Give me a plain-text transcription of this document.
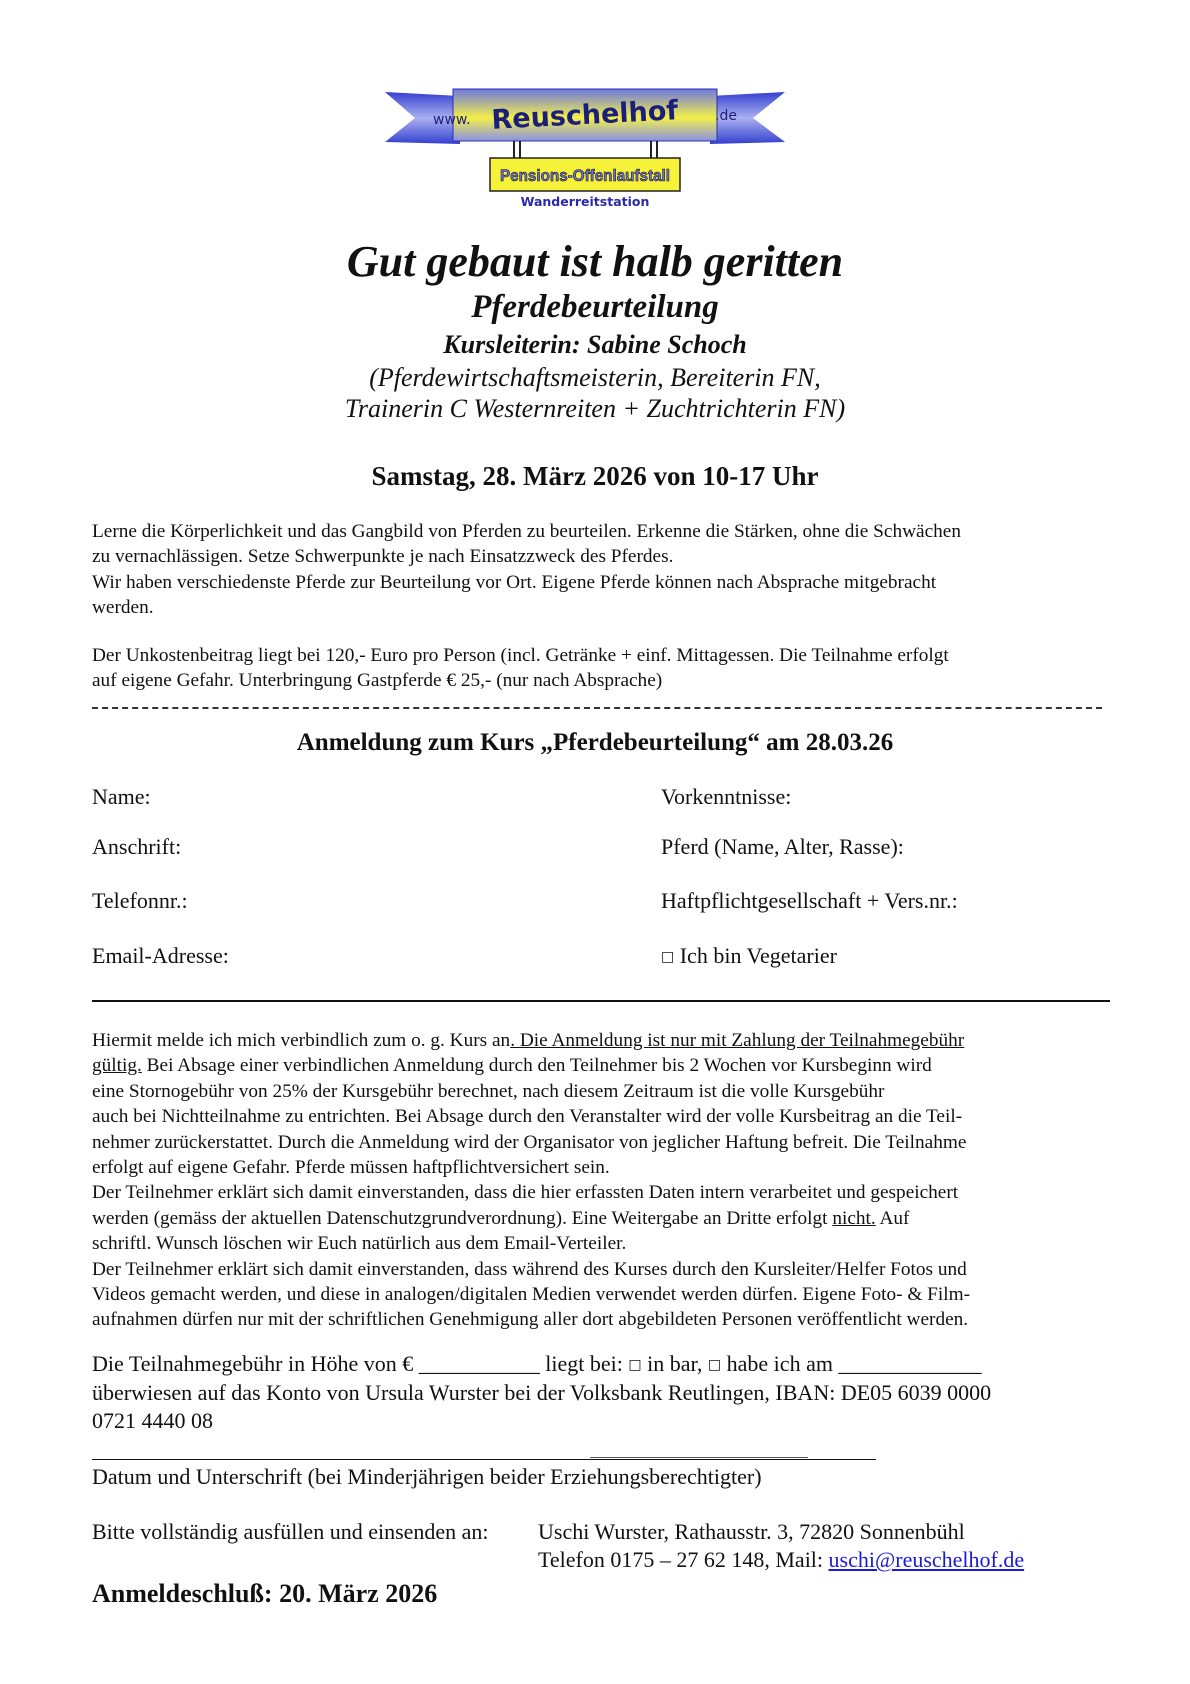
www. Reuschelhof	.de
Pensions-Offenlaufstall
Wanderreitstation
Gut gebaut ist halb geritten
Pferdebeurteilung
Kursleiterin: Sabine Schoch
(Pferdewirtschaftsmeisterin, Bereiterin FN,
Trainerin C Westernreiten + Zuchtrichterin FN)
Samstag, 28. März 2026 von 10-17 Uhr
Lerne die Körperlichkeit und das Gangbild von Pferden zu beurteilen. Erkenne die Stärken, ohne die Schwächen
zu vernachlässigen. Setze Schwerpunkte je nach Einsatzzweck des Pferdes.
Wir haben verschiedenste Pferde zur Beurteilung vor Ort. Eigene Pferde können nach Absprache mitgebracht
werden.
Der Unkostenbeitrag liegt bei 120,- Euro pro Person (incl. Getränke + einf. Mittagessen. Die Teilnahme erfolgt
auf eigene Gefahr. Unterbringung Gastpferde € 25,- (nur nach Absprache)
Anmeldung zum Kurs „Pferdebeurteilung“ am 28.03.26
Name:
Anschrift:
Telefonnr.:
Email-Adresse:
Vorkenntnisse:
Pferd (Name, Alter, Rasse):
Haftpflichtgesellschaft + Vers.nr.:
□ Ich bin Vegetarier

Hiermit melde ich mich verbindlich zum o. g. Kurs an. Die Anmeldung ist nur mit Zahlung der Teilnahmegebühr

gültig. Bei Absage einer verbindlichen Anmeldung durch den Teilnehmer bis 2 Wochen vor Kursbeginn wird

eine Stornogebühr von 25% der Kursgebühr berechnet, nach diesem Zeitraum ist die volle Kursgebühr

auch bei Nichtteilnahme zu entrichten. Bei Absage durch den Veranstalter wird der volle Kursbeitrag an die Teil-

nehmer zurückerstattet. Durch die Anmeldung wird der Organisator von jeglicher Haftung befreit. Die Teilnahme

erfolgt auf eigene Gefahr. Pferde müssen haftpflichtversichert sein.

Der Teilnehmer erklärt sich damit einverstanden, dass die hier erfassten Daten intern verarbeitet und gespeichert

werden (gemäss der aktuellen Datenschutzgrundverordnung). Eine Weitergabe an Dritte erfolgt nicht. Auf

schriftl. Wunsch löschen wir Euch natürlich aus dem Email-Verteiler.

Der Teilnehmer erklärt sich damit einverstanden, dass während des Kurses durch den Kursleiter/Helfer Fotos und

Videos gemacht werden, und diese in analogen/digitalen Medien verwendet werden dürfen. Eigene Foto- & Film-

aufnahmen dürfen nur mit der schriftlichen Genehmigung aller dort abgebildeten Personen veröffentlicht werden.

Die Teilnahmegebühr in Höhe von € ___________ liegt bei: □ in bar, □ habe ich am _____________
überwiesen auf das Konto von Ursula Wurster bei der Volksbank Reutlingen, IBAN: DE05 6039 0000
0721 4440 08
Datum und Unterschrift (bei Minderjährigen beider Erziehungsberechtigter)
Bitte vollständig ausfüllen und einsenden an: Uschi Wurster, Rathausstr. 3, 72820 Sonnenbühl
Telefon 0175 – 27 62 148, Mail: uschi@reuschelhof.de
Anmeldeschluß: 20. März 2026
